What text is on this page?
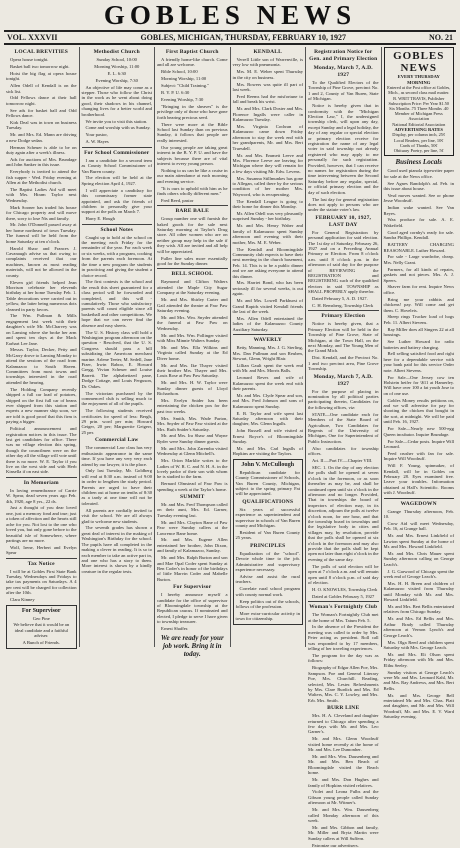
GOBLES NEWS
VOL. XXXVII	GOBLES, MICHIGAN, THURSDAY, FEBRUARY 10, 1927	NO. 21
LOCAL BREVITIES
Opera house tonight.
Basket ball two tomorrow night.
Hoist the big flag at opera house tonight.
Allen Odell of Kendall is on the sick list.
Odd Fellows dance at their hall tomorrow night.
See ads for basket ball and Odd Fellows dance.
Kirk Deal was in town on business Tuesday.
Mr. and Mrs. Ed. Mann are driving a new Dodge sedan.
Herman Scheuer is able to be on duty again after a week's illness.
Ads for auctions of Mrs. Brundage and John Sanker in this issue.
Everybody is invited to attend the fish supper - Wed. Friday evening at Allen at the Methodist church.
The Baptist Ladies Aid will meet with Mrs. Hiram Taylor next Wednesday.
Mark Sooner has traded his house for Chicago property and will move there, sorry to lose Nis and family.
Mr. John O'Donnell passed away at her home northeast of town Tuesday. The funeral will be held from the home Saturday at ten o'clock.
Harold Shaw and Frances J. Cavanaugh advise us that owing to complaints received that our machines, known as most reading materials, will not be allowed in the county.
Eleven girl friends helped Jean Morrison celebrate her eleventh birthday at her home Tuesday Feb. 1. Table decorations were carried out in yellow, the latter being numerous dots cleaned in party favors.
The Wm. Pullman & Mills engagement last week with their daughter's wife Mr. McCharvey was on Lansing where she broke her arm and spent ten days at the Mack Earhart Lee Jane.
Messrs. Taylor, Decker, Petty and McGarry drove to Lansing Monday to attend the sessions of the road from Kalamazoo to South Haven. Committees from most towns and townships interested in the road attended the hearing.
The Holding Company recently shipped a full car load of potatoes, shipped on the first full car of beans ever shipped from this station and experts a new manner ship soon, we are told is good proof that this firm is paying a bigger.
Political announcement and registration notices in this issue. The last get candidates for office. There was no village election this spring, though the councilmen were on the other day all the village will vote until there is no more. W. E. Taylor if you live on the west side and with Herb Kinsella if on east side.
In Memoriam
In loving remembrance of Carrie W. Spear, dead seven years ago Feb. 4th, 1920, age 8 yrs., 22 ds.
Just a thought of you dear loved one, just a memory fond and true; just a token of affection and the hearts still ache for you. Not lost to the one who loved you, but only gone before to the beautiful isle of Somewhere, where partings are no more.
Wolf, Irene, Herbert and Evelyn Spear
Tax Notice
I will be at Gobles First State Bank Tuesday, Wednesdays and Fridays to take tax payments on Saturdays. A 4 per cent will be charged for collection after the 10th.
Clara Kinney
For Supervisor
Geo Pine
We believe that it would be an ideal candidate and a faithful adviser.
A Bunch of Friends.
Methodist Church
Sunday School, 10:00
Morning Worship, 11:00
E. L. 6:30
Evening Worship, 7:30
An objective of life may come as a stepper. Those who follow the Christ in the work as he went about doing good, their shadows in his channel, changing lives for a better world and brotherhood.
We invite you to visit this station.
Come and worship with us Sunday.
Your pastor,
A. W. Hayes
For School Commissioner
I am a candidate for a second term as County School Commissioner of Van Buren county.
The election will be held at the Spring election April 4, 1927.
I will appreciate a candidacy for this commissary former state appointed, and ask the friends of children to personally give your support at the polls on March 7.
Harry E. Hough
School Notes
Caught up to hold at the school on the meeting each Friday for the remainder of the year. For each week or six weeks, with a program, cooking from the parents each forenoon. At the time a new program the students in practicing and giving the student a choice record.
The first contests is the school and the result this sheet guaranteed for a class period will be forwarded and completed, and this will - cumulatively. Those who satisfactory parents will count eligible since all basketball and other competitions. We hope that we can never find the absence and easy sheets.
The U. S. History class will hold a Washington program afternoon on the question - Resolved, that the U. S. Congress should pass a bill subsidizing the American merchant marine. Arlene Teeter, M. Sedell, Jane Fizer, Irwin Raboo, E. Howard Gregg, Vivian Scheuer and Louise Barrett. The alphabetized pane, Dodge Cottage, and Louis Ferguson, Dr. Oakes.
The victorian purchased by the commenced club is selling much to the enjoyment of all of the pupils.
The following students received certificates for speed of less: Bergh, 29 prin. word per min; Howard Geiger, 20 per; Marguerite Geigerr, 25 per.
Commercial Law
The commercial Law class has very enthusiastic appearance in the same time. If you have any very very each attend by our lawyer, it is the place.
Only last Tuesday, Mr. Goldberg will end at 8:30 a.m. instead of 9:00 in order to lengthen the study period. Parents are urged to have their children out at home on tenths of 8:30 as a tardy at one time will not be tolerated.
All parents are cordially invited to visit the school. We are all always glad to welcome new students.
The seventh grades has shown a great deal of interest in the making of Washington's Birthday for the school. The pupils have all completed in the making a clever in reading. It is so to each member to take an active part in, and one who has a story to them. More interest is shown by a kindly creature in the regular tests.
First Baptist Church
A friendly home-like church. Come and all are welcome.
Bible School, 10:00
Morning Worship, 11:00
Subject: "Child Training."
B. Y. P. U. 6:30
Evening Worship, 7:30
"Bringing in the sheaves" is the privilege only of those who have gone forth bearing precious seed.
There were more at the Bible School last Sunday than on previous Sunday, it follows that people are really interested.
Our young people are taking great interest in the B. Y. P. U. and have the subjects because there are of vital interest to every young person.
Nothing to us can be like a cruise in our main attendance at each morning and evening service.
"It is ours to uphold with him as he finds others wholly different men."
Fred Reed, pastor
BARE BALE
Group number one will furnish the baked goods for the sale next Saturday morning at Taylor's Drug store. All other women who are on neither group may help in the sale if they wish. All are invited and all help will be appreciated.
Fuller line sales more essentially good for the Sunday dinner.
BELL SCHOOL
Raymond and Clifton Walters attended the Maple City Sugar Company at the Saturday evening.
Mr. and Mrs. Shirley Carter and Gail attended the theatre at Paw Paw Saturday evening.
Mr. and Mrs. Wm. Snyder attended the funeral at Paw Paw on Wednesday.
Mr. and Mrs. Wm. Pollinger visited with Miss Minnie Walters Sunday.
Mr. and Mrs. Ella Wilkins and Virginia called Sunday at the Ed Diver home.
Mr. and Mrs. Ike Thayer visited their brother Mrs. Thayer and Mrs. Louis Rose at Paw Paw Saturday.
Mr. and Mrs. H. W. Taylor were Sunday dinner guests of Lloyd Richardson.
Mrs. Evelyn Snider has been entertaining the chicken pox for the past two weeks.
Mrs. Smith, Mrs. Wade Parton, Mrs. Snyder of Paw Paw visited at the Mrs. Ruth Snider's Saturday.
Mr. and Mrs. Ira Shaw and Wayne Ryder were Sunday dinner guests.
Mr. and Mrs. John Zaremba visited Wednesday at Glenn Mitchell's.
Mrs. Orion Marklie writes to the Ladies of W. R. C. and N. H. A. in the lovely parlor of their son with whom he is studied to the farm.
Bernard Olmstead of Paw Paw is spending a week at the Taylor's home.
SUMMIT
Mr. and Mrs. Fred Thompson called on their aunt, Mrs. Ed. Garner, Tuesday evening last.
Mr. and Mrs. Clayton Bane of Paw Paw were Sunday callers at the Lawrence Bane home.
Mr. and Mrs. Eugene Allen entertained her brother, John Dixon, and family of Kalamazoo, Sunday.
Mr. and Mrs. Ralph Burton and son and Mae Opal Coder spent Sunday at Ben Coder's in honor of the birthdays of little Marvin Coder and Mabelle Burton.
For Supervisor
I hereby announce myself a candidate for the office of supervisor of Bloomingdale township at the Republican caucus. If nominated and elected, I pledge to serve I have given to township treasurer.
Ernest Shaffer.
We are ready for your job work. Bring it in today.
KENDALL
Verrell Little son of Warrenville, is very low with pneumonia.
Mrs. M. E. Weber spent Thursday in the city on business.
Mrs. Bowers was quite ill part of last week.
Fred Reems had the misfortune to fall and break his wrist.
Mr. and Mrs. Clark Doster and Mrs. Florence Ingalls were caller in Kalamazoo Tuesday.
Mrs. Virginia Cochran of Kalamazoo came down Friday afternoon to stay the week end with her grandparents, Mr. and Mrs. Bert Truesdell.
Mr. and Mrs. Emmett Leeve and Mrs. Florence Leeve are leaving for Michigan where they will remain for a few days visiting Mr. Edw. Levens.
Mrs. Susanna Stillmunkes has gone to Allegan, called there by the serious condition of her mother Mrs. Wayword, who is recuperating.
The Kendall League is going to their home for dinner this Monday.
Mr. Allen Odell was very pleasantly surprised Sunday - her birthday.
Mr. and Mrs. Henry Waber and family of Kalamazoo spent Sunday afternoon and evening with their mother, Mrs. M. E. Weber.
The Kendall and Bloomingdale Community club expects to have their next meeting in the church basement, Feb. 14. This is to be a public dinner and we are asking everyone to attend this dinner.
Mrs. Harriet Bond, who has been seriously ill for several weeks, is out again.
Mr. and Mrs. Lowell Parkhurst of Grand Rapids visited Kendall friends the last of the week.
Mrs. Allen Odell entertained the ladies of the Kalamazoo County Auxiliary Saturday.
WAVERLY
Betty, Manning, Mrs. J. G. Sterling, Mrs. Dan Pullman and son Reuben, Stewart, Glenn, Wright Blair.
Lillian Gault spent the week end with Mr. and Mrs. Morris Balls.
Leonard Reves and wife of Kalamazoo spent the week end with their parents.
Mr. and Mrs. Clyde Spear and son, and Mrs. Fred Johnson and sons of Kalamazoo spent Sunday.
E. B. Taylor and wife spent last Saturday afternoon with their daughter, Mrs. Glenn Ingalls.
John Russell and wife visited at Ernest Royce's of Bloomingdale Sunday.
Mr. and Mrs. Carl Ingalls of Hopkins are visiting the Taylors.
John V. McCullough
Republican candidate for County Commissioner of Schools, Van Buren County, Michigan, subject to the spring primary Fat will be appreciated.
QUALIFICATIONS
Six years of successful experience as superintendent and supervisor in schools of Van Buren county and Michigan.
Resident of Van Buren County 25 years.
PRINCIPLES
Equalization of the "school". Devote whole time to the job. Administrative and supervisory experience necessary.
Advise and assist the rural teachers.
Correlate rural school program with county normal work.
Keep politics out of the schools, follows of the profession.
More extra-curricular activity in town for citizenship.
Registration Notice for Gen. and Primary Election
Monday, March 7, A.D. 1927
To the Qualified Electors of the Township of Pine Grove, precinct No. 1 and 2, County of Van Buren, State of Michigan.
Notice is hereby given that in conformity with the "Michigan Election Law," I, the undersigned township clerk, will upon any day, except Sunday and a legal holiday, the day of any regular or special election or primary election receive for registration the name of any legal voter in said township not already registered who may apply to me personally for such registration. Provided, however, that I can receive no names for registration during the time intervening between the Second Saturday before any regular, special, or official primary election and the day of such election.
The last day for general registration does not apply to persons who are under the statute voter's law.
FEBRUARY 10, 1927, LAST DAY
For General Registration by personal application for said election. The 1st day of Saturday, February 26, 1927 and on a Preceding Annual Primary or Election. From 8 o'clock a.m. until 8 o'clock p.m. in the afternoon of said day for the purpose of REVIEWING the REGISTRATION and REGISTERING such of the qualified electors in said TOWNSHIP as SHALL PROPERLY apply therefor.
Dated February 5, A. D. 1927.
C. H. Remsberg, Township Clerk
Primary Election
Notice is hereby given, that a Primary Election will be held in the Township of Pine Grove, State of Michigan, at the Town Hall, on the next Monday, and The Young Men of the Grand Mich.
Dist. Kendall, and the Precinct No. 1 and two precinct area, Pine Grove Township.
Monday, March 7, A.D. 1927
For the purpose of placing in nomination by all political parties participating therein, Candidates for the following offices, viz:
STATE—One candidate each for Members of the State Board of Agriculture, Two Candidates for Regents of the University of Michigan, One for Superintendent of Public Instruction.
Also candidates for township offices.
Art. II.—Part IV.—Chapter VIII.
SEC. 1. On the day of any election the polls shall be opened at seven o'clock in the forenoon, or as soon thereafter as may be, and shall be continued open until six o'clock in the afternoon and no longer. Provided, That in townships the board of inspectors of election may, in its discretion, adjourn the polls at twelve o'clock noon, for one hour, and that the township board in townships and the legislative body in cities and villages may, by resolution, provide that the polls shall be opened at six o'clock in the forenoon and may also provide that the polls shall be kept open not later than eight o'clock in the evening of the same day.
The polls of said election will be open at 7 o'clock a.m. and will remain open until 8 o'clock p.m. of said day of election.
H. O. KNOWLES, Township Clerk
Dated at Gobles February 5, 1927
Woman's Fortnightly Club
The Woman's Fortnightly Club met at the home of Mrs. Tatum Feb. 5.
In the absence of the President the meeting was called to order by Mrs. Peter acting as president. Roll call was responded to by 17 members, telling of her traveling experiences.
The program for the day was as follows:
Biography of Edgar Allen Poe, Mrs. Sampson. Poe and General Literary Poe, Mrs. Churchill. Reading, selected, Mrs. Lester. Refreshments by Mrs. Clare Burdick and Mrs. Ed Walters, Mrs. C. Y. Lowley, and Mrs. Erb. Mrs. Smith.
BURR LINE
Mrs. H. A. Cleveland and daughter returned to Chicago after spending a few days with Mr. and Mrs. Leo Garner's.
Mr. and Mrs. Glenn Woodruff visited home recently at the home of Mr. and Mrs. Lee Dumonher.
Mr. and Mrs. Wm. Dausenberg and Mr. and Mrs. Ben Beach of Bloomingdale visited the Beach home.
Mr. and Mrs. Don Hughes and family of Hopkins visited relatives.
Violet and Leona Fulbs and the Gibson young people called Sunday afternoon at Mr. Witmer's.
Mr. and Mrs. Wm. Dausenberg called Monday afternoon of this week.
Mr. and Mrs. Gibbon and family, Mr. Miller and Bryta Martin were Sunday callers at Will Suffern.
Patronize our advertisers.
GOBLES NEWS
EVERY THURSDAY MORNING
Entered at the Post office at Gobles, Mich., as second class mail matter.
B. WRIT TRAVIS, Publisher
Subscription Price: Per Year $1.50
Six Months .75 Three Months .40
Member of Michigan Press Association
National Editorial Association
ADVERTISING RATES
Display, per column inch, 25¢
Local Readers, per line, 10¢
Cards of Thanks, 50¢
Obituary Poetry, per line, 5¢
Business Locals
Good used pianola typewriter paper for sale at the News office.
See Agnes Randolph's ad. Feb. in this issue about house.
Vesd moves wanted. See or phone Jesse Woodruff.
Indian wake wanted. See Van Reyes.
Wax produce for sale. A. E. Wakefield.
Good aged cornhy's ready for sale. Sandra Phillips. Kendall.
BATTERY CHARGING REASONABLE. Luther Howard.
For sale - Large wardrobe, cheap. Mrs. Nelly Grant.
Farmers, for all kinds of repairs, gaskets and not pieces. Mrs. A. J. Speers.
Shaver farm for rent. Inquire News office.
Bring me your rabbits and chickens! pay. Will come and get them. C. Hoveleis.
Sheep rings Trucker load of hogs Feb. 11. Albert Stevens.
Ray Miller does all Singers 22 at all housings.
See Luther Howard for radio batteries and battery charging.
Bell selling satisfied food and right here for a dependable service with your bank paid for this service Order note. Albert Stevens.
For Sale—One Jersey cow ten Holstein heifer for \$11 at Hamerley. Will have over 100 a fat youth Jose to on of one use.
Gobles Money results petitions on, and we will advertise for pay for shooting the chicken that bought in the sort, at midnight. We will be paid until Feb. 16, 1927.
For Sale—Nearly new 500-egg Queen incubator. Inquire Brundage.
For Sale—Cedar posts. Inquire Will Leonard.
Feed crusher with fan for sale. Inquire Will Woodruff.
Will F. Young, spinmaker, of Kendall, will be in Gobles on February 28. Eyes examined free. Leave your troubles. Information obtained at Hall's Scientific. Rooms with J. Woodruff.
WAGEDOWN
Grange Thursday afternoon, Feb. 10.
Crow Aid will meet Wednesday, Feb. 16, at Grange hall.
Mr. and Mrs. Ernest Linkfield of Lawton spent Sunday at the home of Mr. and Mrs. Howard Linkfield.
Mr. and Mrs. Chris Mauer spent Sunday afternoon calling on George Leach's.
J. G. Garwood of Chicago spent the week end of George Leach's.
Mrs. H. H. Breen and children of Kalamazoo visited from Thursday until Monday with Mr. and Mrs. Howard Linkfield.
Mr. and Mrs. Bert Bellis entertained relatives from Chicago Sunday.
Mr. and Mrs. Ed Bellis and Mrs. Arthur Brady called Thursday afternoon at Vernon Lynch's and George Leach's.
Mrs. Olga Reed and children spent Saturday with Mrs. George Leach.
Mr. and Mrs. Eli Olson spent Friday afternoon with Mr. and Mrs. Elihu Seeley.
Sunday visitors at George Leach's were Mr. and Mrs. Leonard Kahl, Mr. and Mrs. Ray Andrews, and Mrs. Bert Bellis.
Mr. and Mrs. George Bell entertained Mr. and Mrs. Chas. Platt and daughter, and Mr. and Mrs. Will Woodruff, Mr. and Mrs. E. V. Ward Saturday evening.
